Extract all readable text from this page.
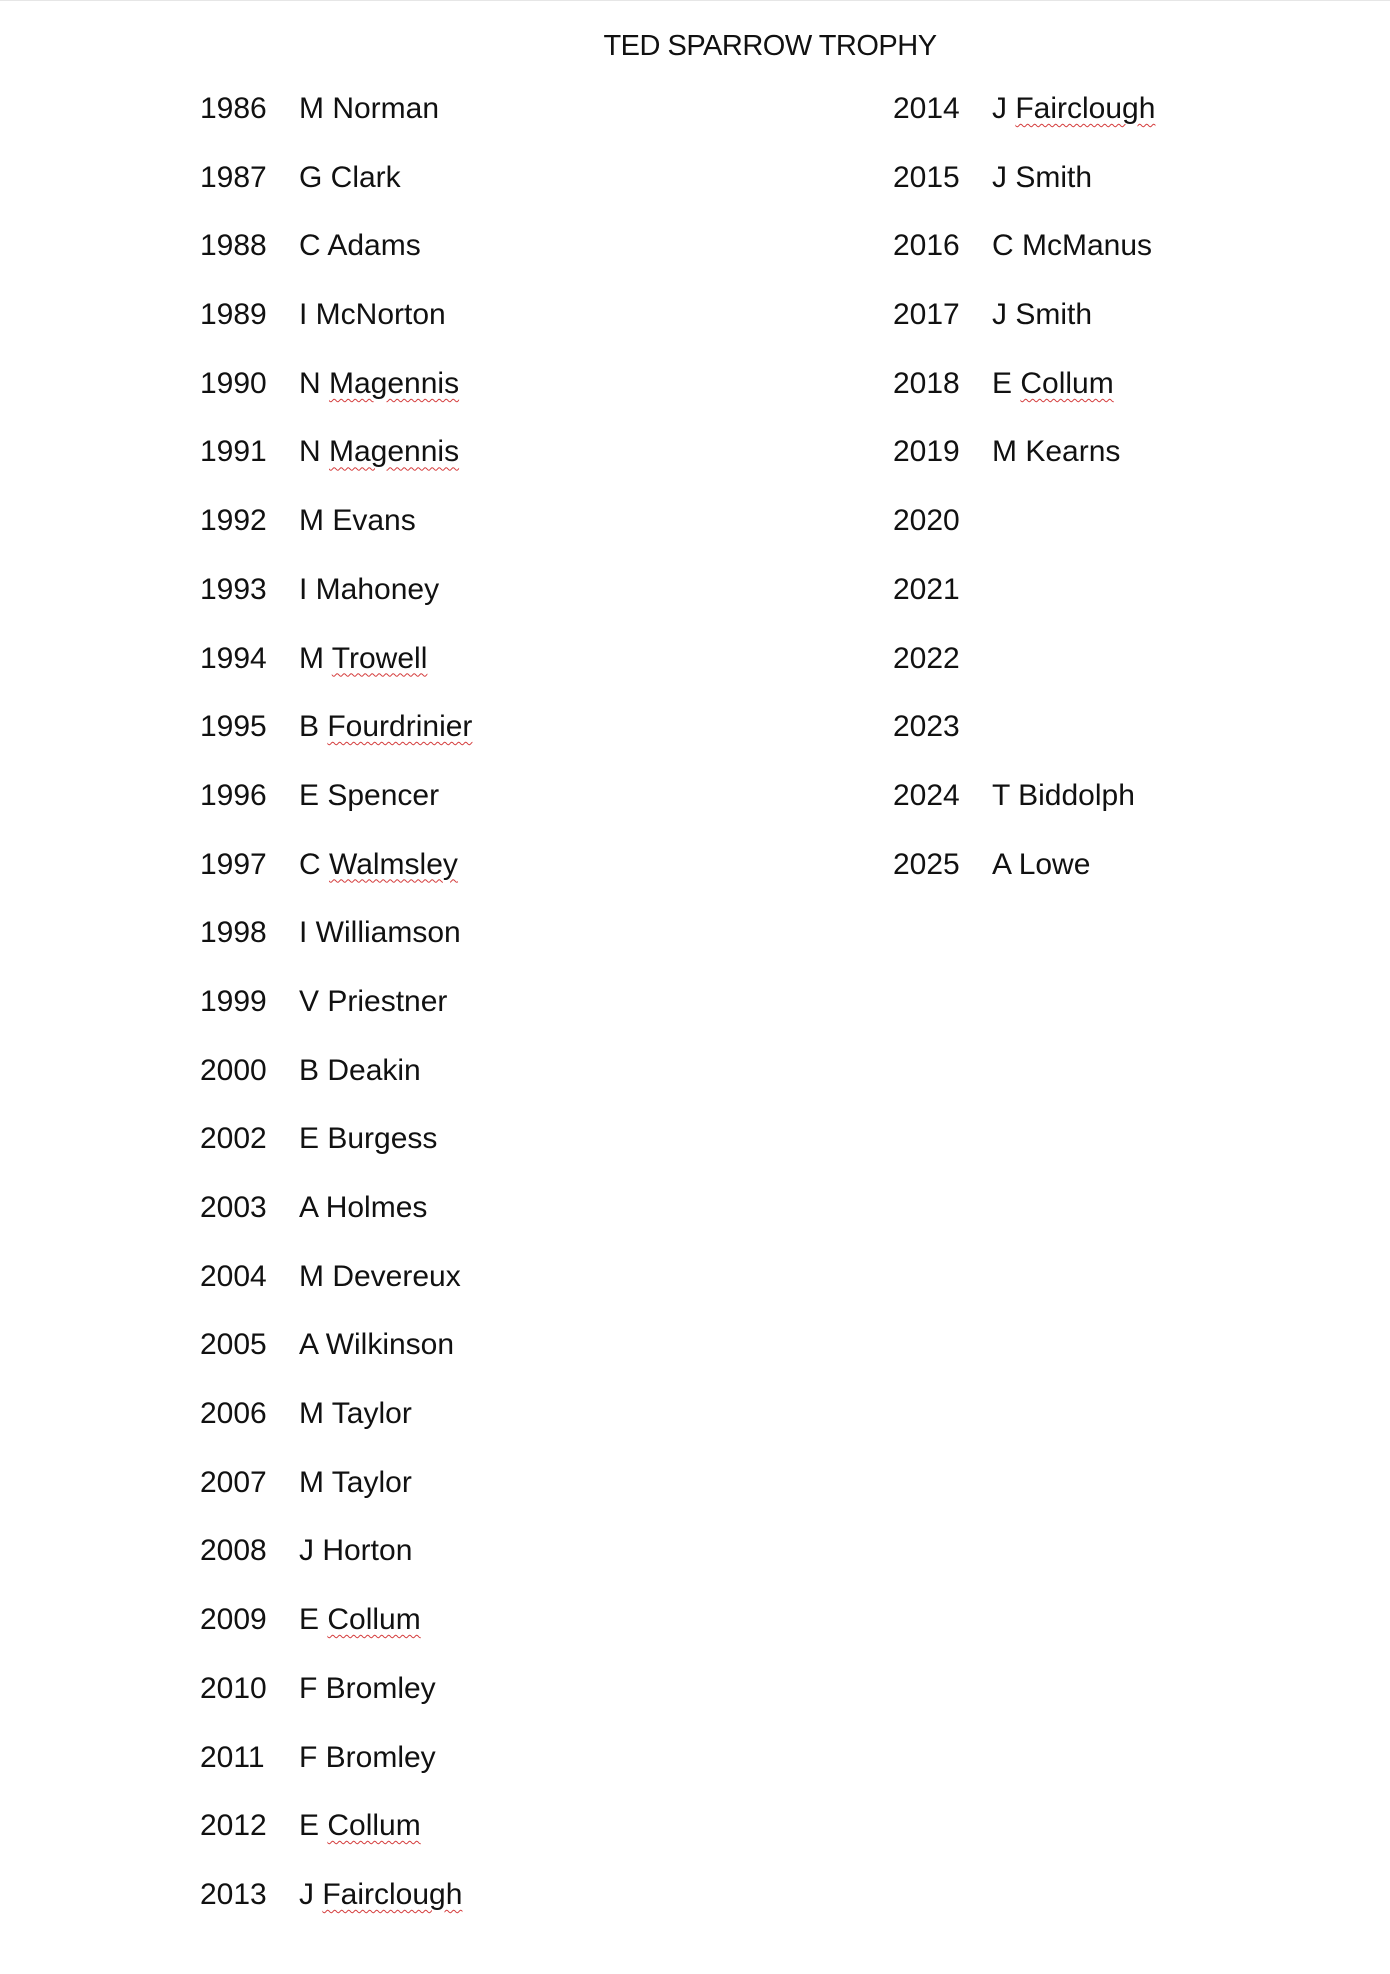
TED SPARROW TROPHY
1986	M Norman
1987	G Clark
1988	C Adams
1989	I McNorton
1990	N Magennis
1991	N Magennis
1992	M Evans
1993	I Mahoney
1994	M Trowell
1995	B Fourdrinier
1996	E Spencer
1997	C Walmsley
1998	I Williamson
1999	V Priestner
2000	B Deakin
2002	E Burgess
2003	A Holmes
2004	M Devereux
2005	A Wilkinson
2006	M Taylor
2007	M Taylor
2008	J Horton
2009	E Collum
2010	F Bromley
2011	F Bromley
2012	E Collum
2013	J Fairclough
2014	J Fairclough
2015	J Smith
2016	C McManus
2017	J Smith
2018	E Collum
2019	M Kearns
2020
2021
2022
2023
2024	T Biddolph
2025	A Lowe
